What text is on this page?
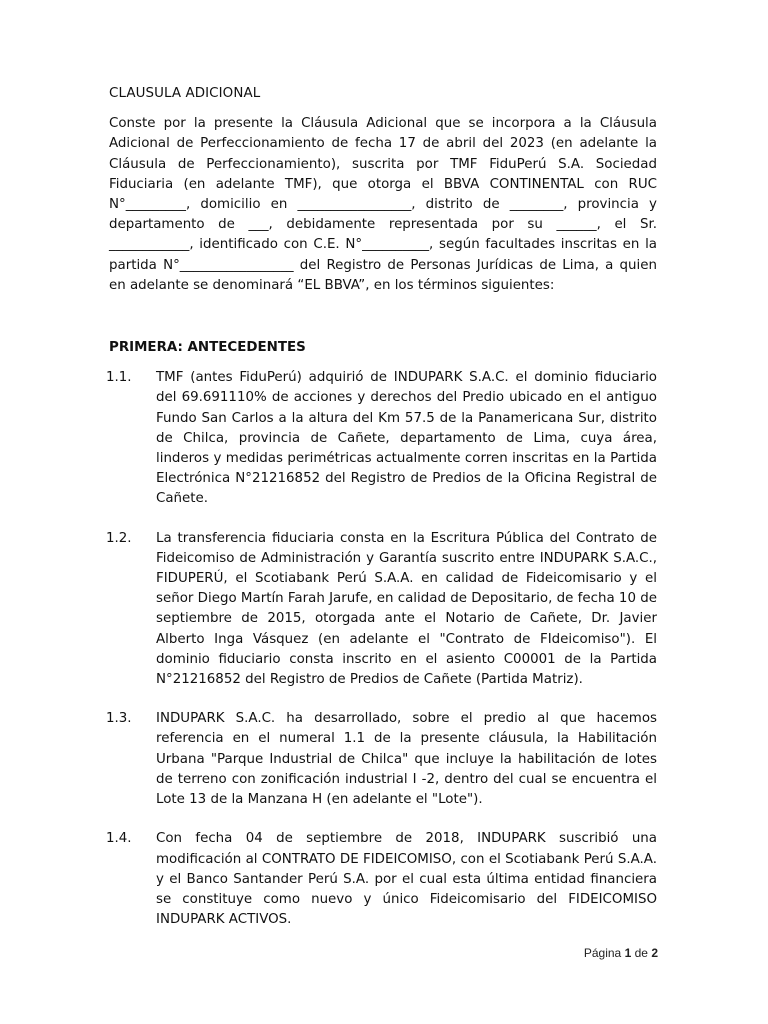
CLAUSULA ADICIONAL

Conste por la presente la Cláusula Adicional que se incorpora a la Cláusula Adicional de Perfeccionamiento de fecha 17 de abril del 2023 (en adelante la Cláusula de Perfeccionamiento), suscrita por TMF FiduPerú S.A. Sociedad Fiduciaria (en adelante TMF), que otorga el BBVA CONTINENTAL con RUC N°_________, domicilio en _________________, distrito de ________, provincia y departamento de ___, debidamente representada por su ______, el Sr. ____________, identificado con C.E. N°__________, según facultades inscritas en la partida N°_________________ del Registro de Personas Jurídicas de Lima, a quien en adelante se denominará “EL BBVA”, en los términos siguientes:

PRIMERA: ANTECEDENTES
1.1.	TMF (antes FiduPerú) adquirió de INDUPARK S.A.C. el dominio fiduciario del 69.691110% de acciones y derechos del Predio ubicado en el antiguo Fundo San Carlos a la altura del Km 57.5 de la Panamericana Sur, distrito de Chilca, provincia de Cañete, departamento de Lima, cuya área, linderos y medidas perimétricas actualmente corren inscritas en la Partida Electrónica N°21216852 del Registro de Predios de la Oficina Registral de Cañete.
1.2.	La transferencia fiduciaria consta en la Escritura Pública del Contrato de Fideicomiso de Administración y Garantía suscrito entre INDUPARK S.A.C., FIDUPERÚ, el Scotiabank Perú S.A.A. en calidad de Fideicomisario y el señor Diego Martín Farah Jarufe, en calidad de Depositario, de fecha 10 de septiembre de 2015, otorgada ante el Notario de Cañete, Dr. Javier Alberto Inga Vásquez (en adelante el "Contrato de FIdeicomiso"). El dominio fiduciario consta inscrito en el asiento C00001 de la Partida N°21216852 del Registro de Predios de Cañete (Partida Matriz).
1.3.	INDUPARK S.A.C. ha desarrollado, sobre el predio al que hacemos referencia en el numeral 1.1 de la presente cláusula, la Habilitación Urbana "Parque Industrial de Chilca" que incluye la habilitación de lotes de terreno con zonificación industrial I -2, dentro del cual se encuentra el Lote 13 de la Manzana H (en adelante el "Lote").
1.4.	Con fecha 04 de septiembre de 2018, INDUPARK suscribió una modificación al CONTRATO DE FIDEICOMISO, con el Scotiabank Perú S.A.A. y el Banco Santander Perú S.A. por el cual esta última entidad financiera se constituye como nuevo y único Fideicomisario del FIDEICOMISO INDUPARK ACTIVOS.
Página 1 de 2
